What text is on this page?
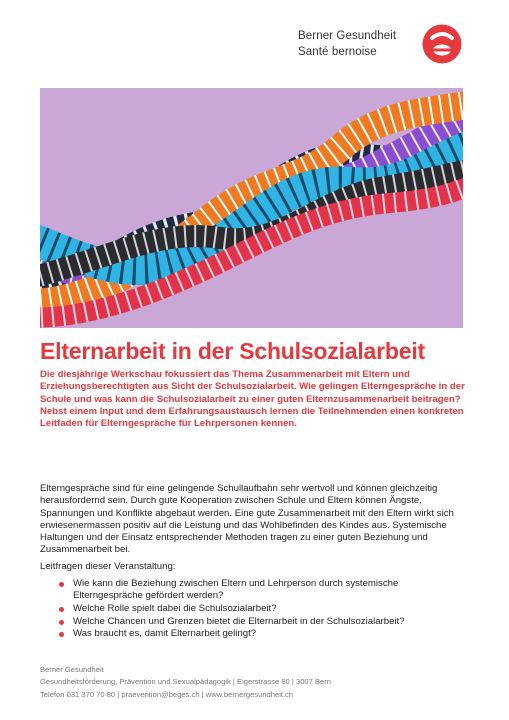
Berner Gesundheit
Santé bernoise
Elternarbeit in der Schulsozialarbeit
Die diesjährige Werkschau fokussiert das Thema Zusammenarbeit mit Eltern und Erziehungsberechtigten aus Sicht der Schulsozialarbeit. Wie gelingen Elterngespräche in der Schule und was kann die Schulsozialarbeit zu einer guten Elternzusammenarbeit beitragen? Nebst einem Input und dem Erfahrungsaustausch lernen die Teilnehmenden einen konkreten Leitfaden für Elterngespräche für Lehrpersonen kennen.
Elterngespräche sind für eine gelingende Schullaufbahn sehr wertvoll und können gleichzeitig herausfordernd sein. Durch gute Kooperation zwischen Schule und Eltern können Ängste, Spannungen und Konflikte abgebaut werden. Eine gute Zusammenarbeit mit den Eltern wirkt sich erwiesenermassen positiv auf die Leistung und das Wohlbefinden des Kindes aus. Systemische Haltungen und der Einsatz entsprechender Methoden tragen zu einer guten Beziehung und Zusammenarbeit bei.
Leitfragen dieser Veranstaltung:
Wie kann die Beziehung zwischen Eltern und Lehrperson durch systemische Elterngespräche gefördert werden?
Welche Rolle spielt dabei die Schulsozialarbeit?
Welche Chancen und Grenzen bietet die Elternarbeit in der Schulsozialarbeit?
Was braucht es, damit Elternarbeit gelingt?
Berner Gesundheit
Gesundheitsförderung, Prävention und Sexualpädagogik | Eigerstrasse 80 | 3007 Bern
Telefon 031 370 70 80 | praevention@beges.ch | www.bernergesundheit.ch
